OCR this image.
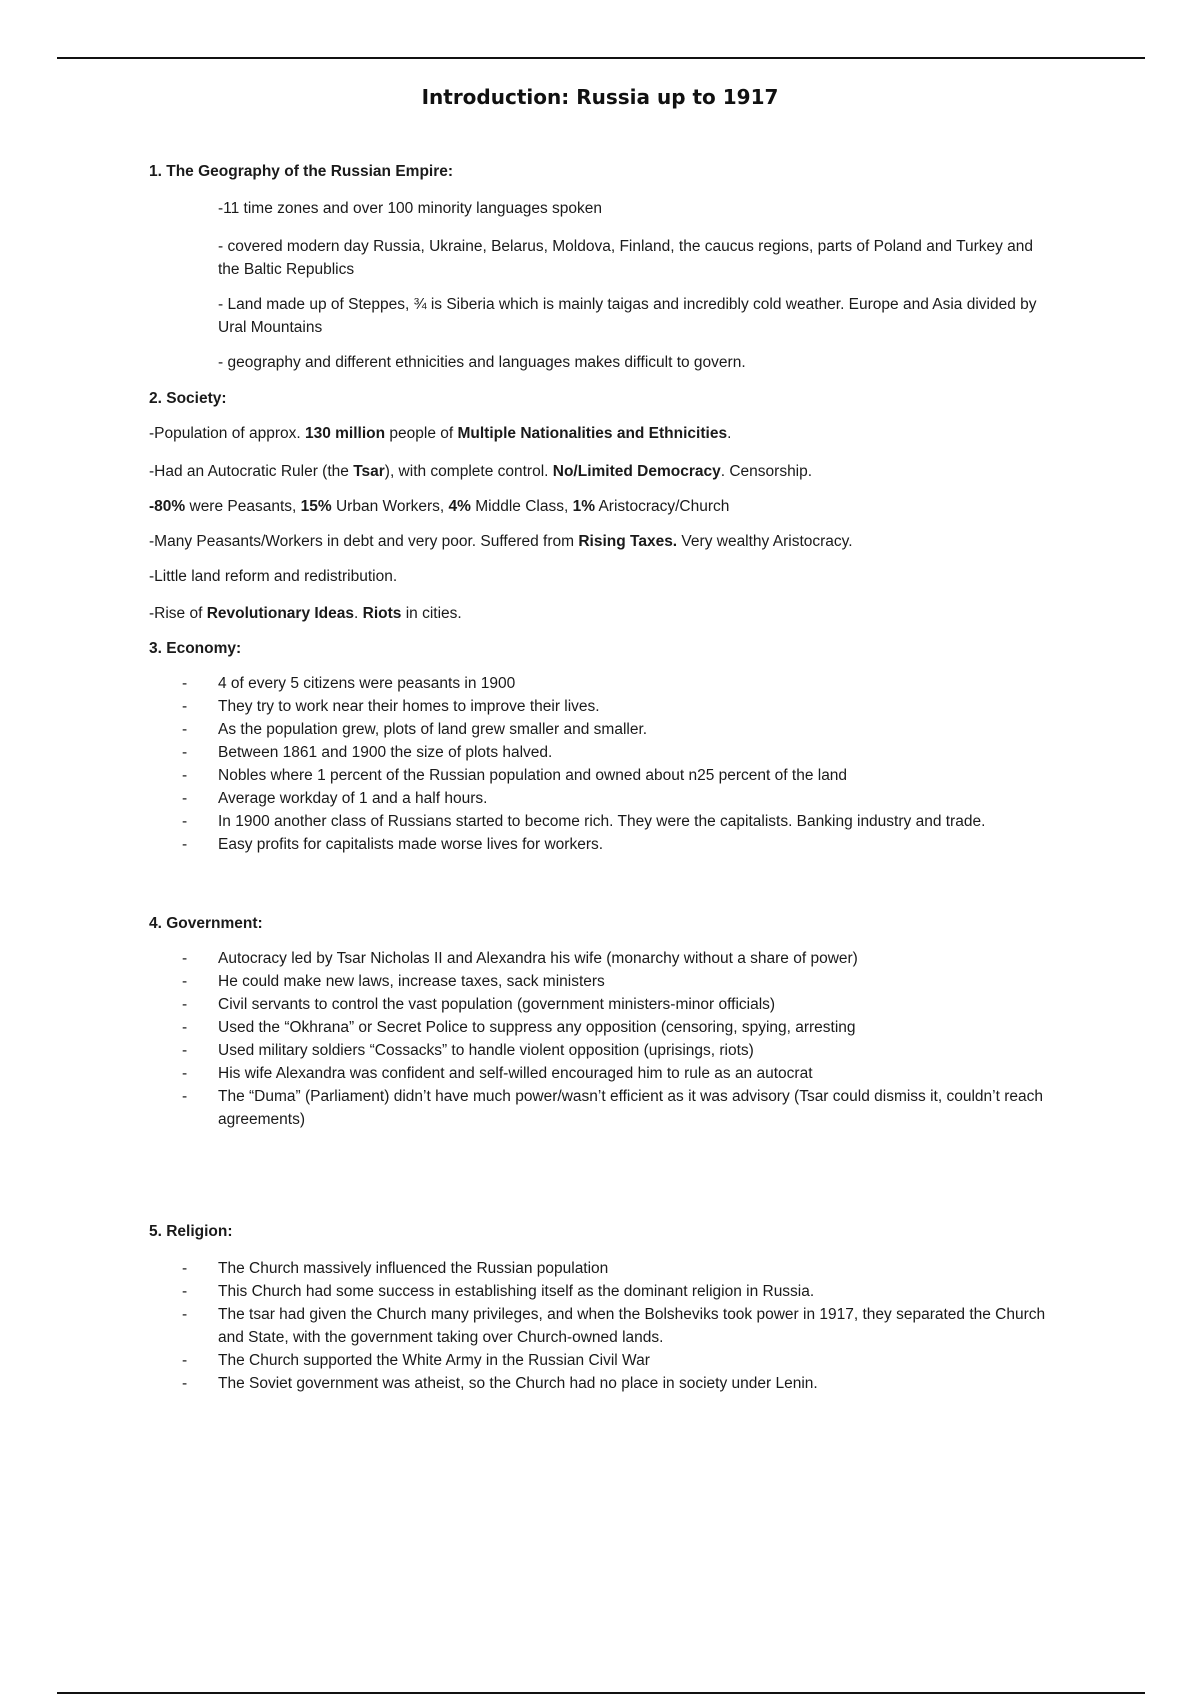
Introduction: Russia up to 1917

1. The Geography of the Russian Empire:

-11 time zones and over 100 minority languages spoken

- covered modern day Russia, Ukraine, Belarus, Moldova, Finland, the caucus regions, parts of Poland and Turkey and the Baltic Republics

- Land made up of Steppes, ¾ is Siberia which is mainly taigas and incredibly cold weather. Europe and Asia divided by Ural Mountains

- geography and different ethnicities and languages makes difficult to govern.

2. Society:

-Population of approx. 130 million people of Multiple Nationalities and Ethnicities.

-Had an Autocratic Ruler (the Tsar), with complete control. No/Limited Democracy. Censorship.

-80% were Peasants, 15% Urban Workers, 4% Middle Class, 1% Aristocracy/Church

-Many Peasants/Workers in debt and very poor. Suffered from Rising Taxes. Very wealthy Aristocracy.

-Little land reform and redistribution.

-Rise of Revolutionary Ideas. Riots in cities.

3. Economy:

- 4 of every 5 citizens were peasants in 1900
- They try to work near their homes to improve their lives.
- As the population grew, plots of land grew smaller and smaller.
- Between 1861 and 1900 the size of plots halved.
- Nobles where 1 percent of the Russian population and owned about n25 percent of the land
- Average workday of 1 and a half hours.
- In 1900 another class of Russians started to become rich. They were the capitalists. Banking industry and trade.
- Easy profits for capitalists made worse lives for workers.

4. Government:

- Autocracy led by Tsar Nicholas II and Alexandra his wife (monarchy without a share of power)
- He could make new laws, increase taxes, sack ministers
- Civil servants to control the vast population (government ministers-minor officials)
- Used the “Okhrana” or Secret Police to suppress any opposition (censoring, spying, arresting
- Used military soldiers “Cossacks” to handle violent opposition (uprisings, riots)
- His wife Alexandra was confident and self-willed encouraged him to rule as an autocrat
- The “Duma” (Parliament) didn’t have much power/wasn’t efficient as it was advisory (Tsar could dismiss it, couldn’t reach agreements)

5. Religion:

- The Church massively influenced the Russian population
- This Church had some success in establishing itself as the dominant religion in Russia.
- The tsar had given the Church many privileges, and when the Bolsheviks took power in 1917, they separated the Church and State, with the government taking over Church-owned lands.
- The Church supported the White Army in the Russian Civil War
- The Soviet government was atheist, so the Church had no place in society under Lenin.
